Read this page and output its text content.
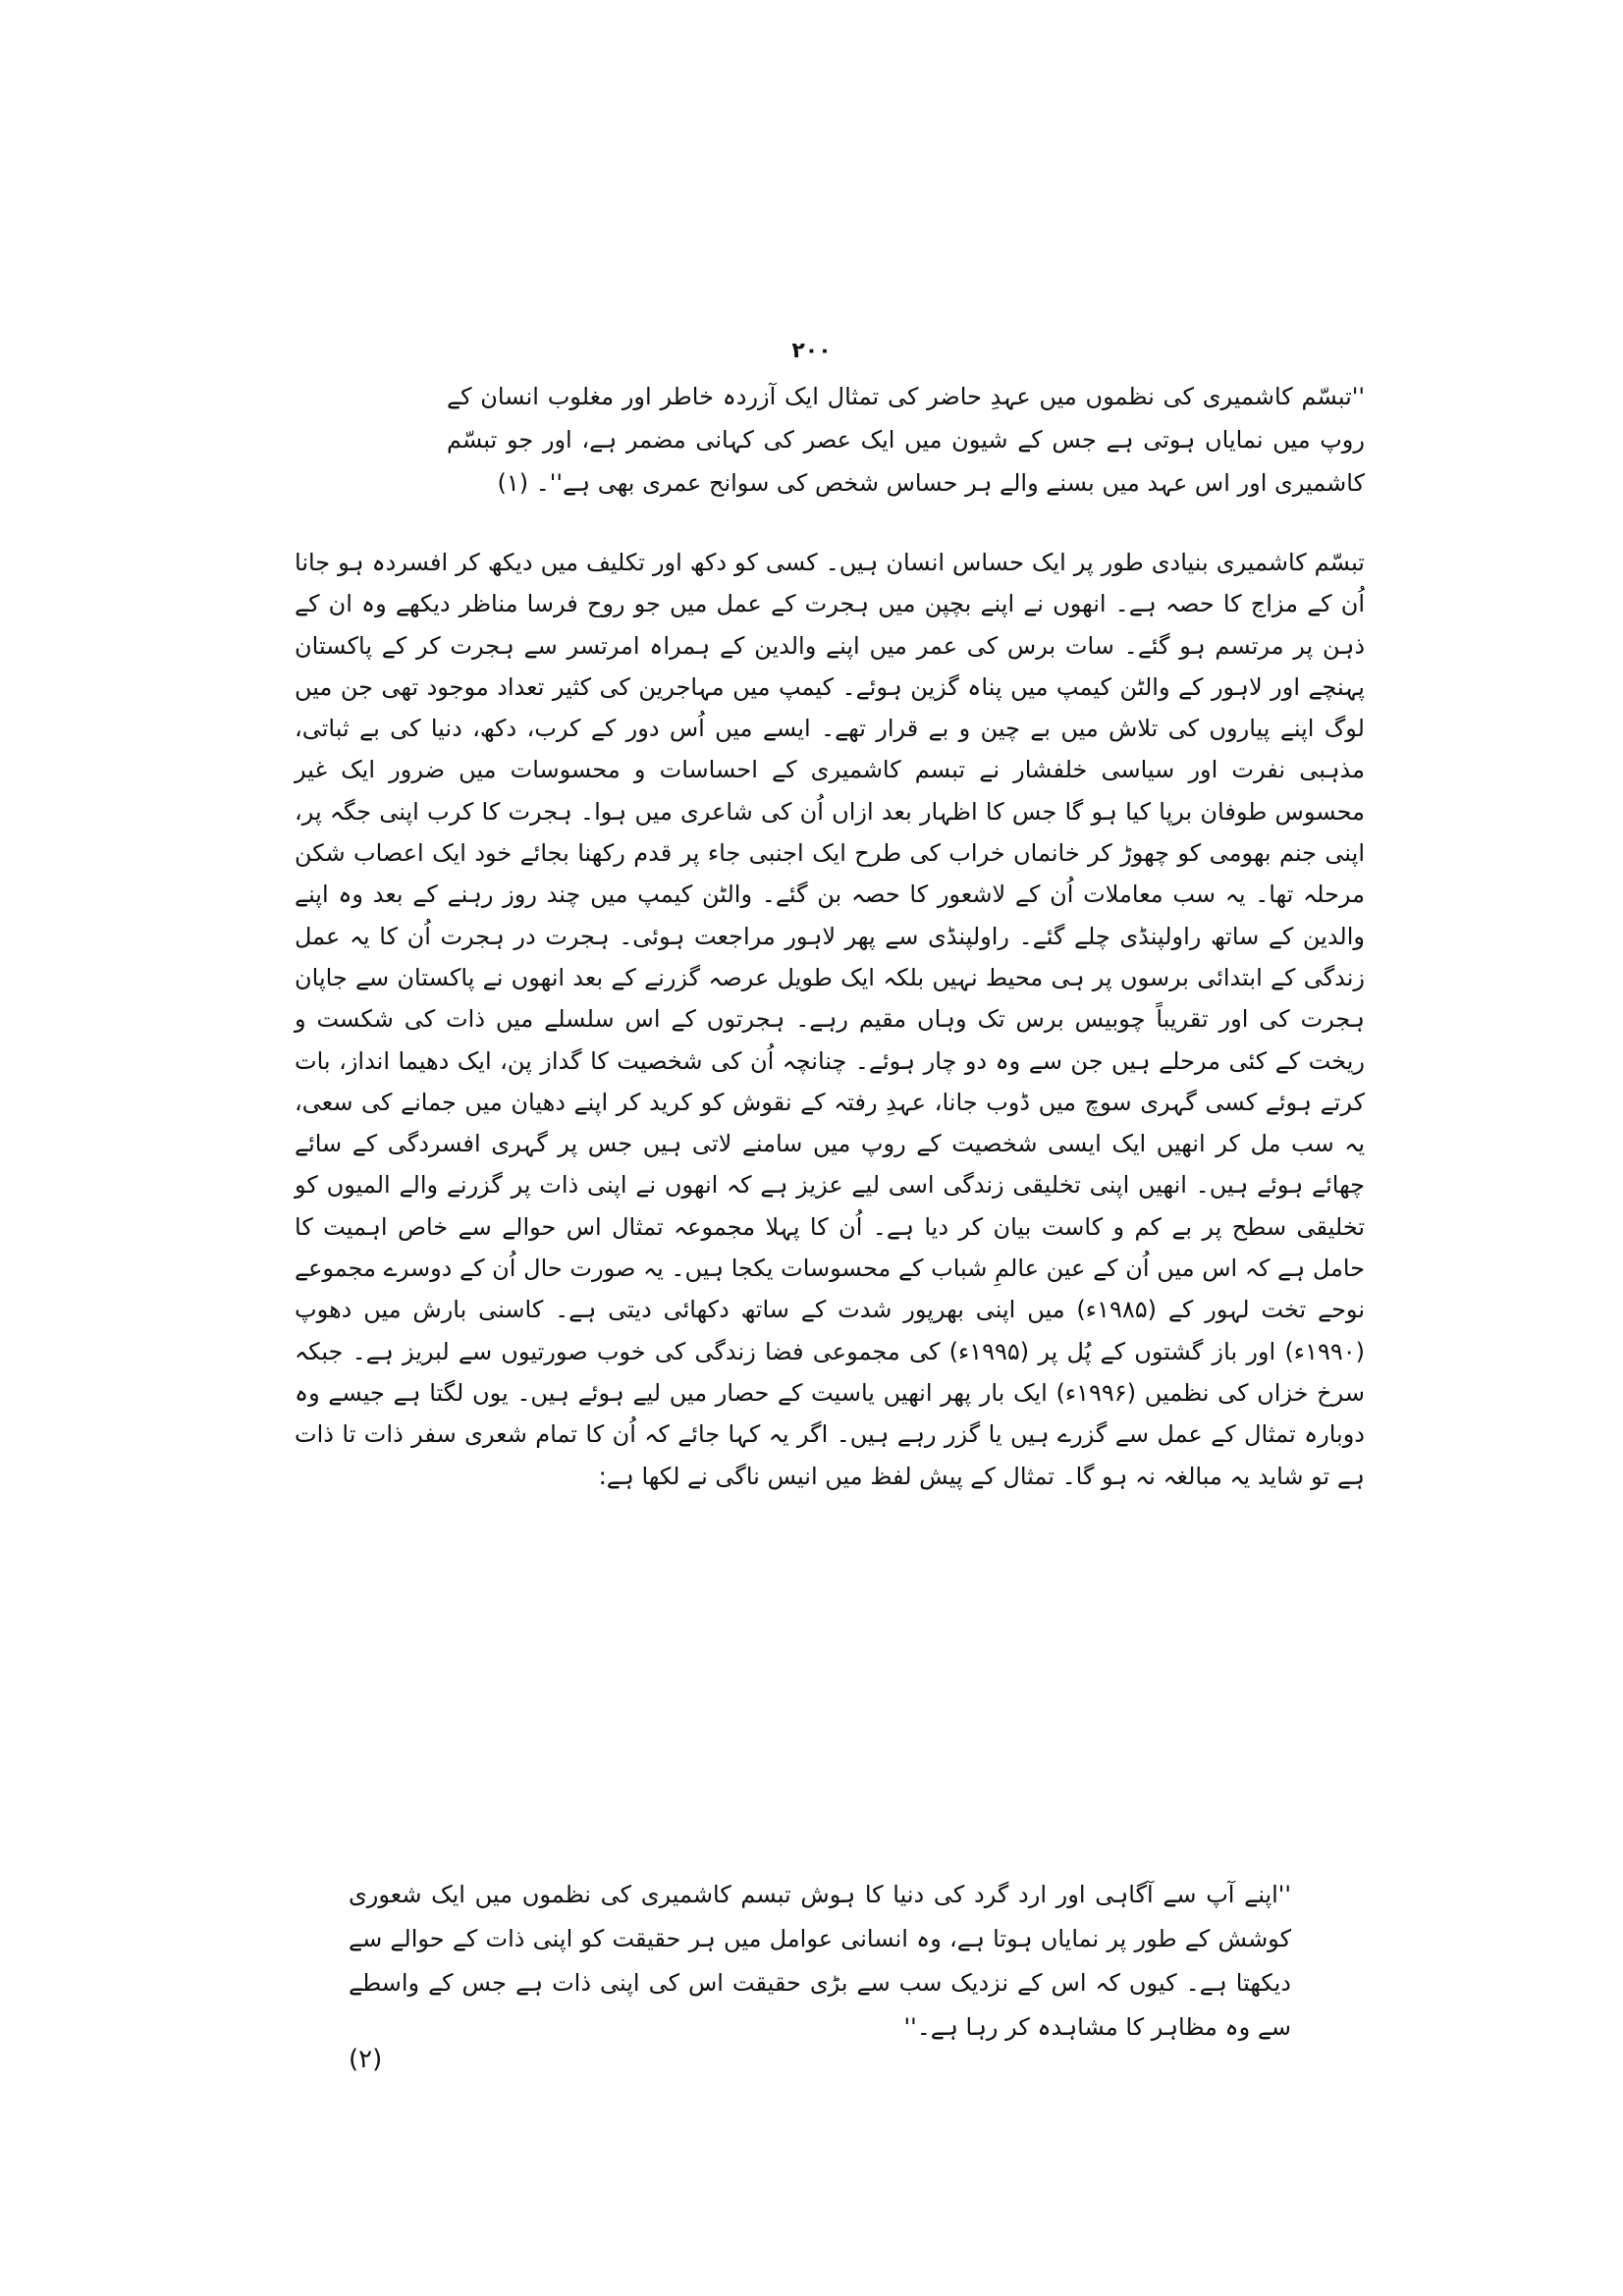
۲۰۰
''تبسّم کاشمیری کی نظموں میں عہدِ حاضر کی تمثال ایک آزردہ خاطر اور مغلوب انسان کے روپ میں نمایاں ہوتی ہے جس کے شیون میں ایک عصر کی کہانی مضمر ہے، اور جو تبسّم کاشمیری اور اس عہد میں بسنے والے ہر حساس شخص کی سوانح عمری بھی ہے''۔ (۱)
تبسّم کاشمیری بنیادی طور پر ایک حساس انسان ہیں۔ کسی کو دکھ اور تکلیف میں دیکھ کر افسردہ ہو جانا اُن کے مزاج کا حصہ ہے۔ انھوں نے اپنے بچپن میں ہجرت کے عمل میں جو روح فرسا مناظر دیکھے وہ ان کے ذہن پر مرتسم ہو گئے۔ سات برس کی عمر میں اپنے والدین کے ہمراہ امرتسر سے ہجرت کر کے پاکستان پہنچے اور لاہور کے والٹن کیمپ میں پناہ گزین ہوئے۔ کیمپ میں مہاجرین کی کثیر تعداد موجود تھی جن میں لوگ اپنے پیاروں کی تلاش میں بے چین و بے قرار تھے۔ ایسے میں اُس دور کے کرب، دکھ، دنیا کی بے ثباتی، مذہبی نفرت اور سیاسی خلفشار نے تبسم کاشمیری کے احساسات و محسوسات میں ضرور ایک غیر محسوس طوفان برپا کیا ہو گا جس کا اظہار بعد ازاں اُن کی شاعری میں ہوا۔ ہجرت کا کرب اپنی جگہ پر، اپنی جنم بھومی کو چھوڑ کر خانماں خراب کی طرح ایک اجنبی جاء پر قدم رکھنا بجائے خود ایک اعصاب شکن مرحلہ تھا۔ یہ سب معاملات اُن کے لاشعور کا حصہ بن گئے۔ والٹن کیمپ میں چند روز رہنے کے بعد وہ اپنے والدین کے ساتھ راولپنڈی چلے گئے۔ راولپنڈی سے پھر لاہور مراجعت ہوئی۔ ہجرت در ہجرت اُن کا یہ عمل زندگی کے ابتدائی برسوں پر ہی محیط نہیں بلکہ ایک طویل عرصہ گزرنے کے بعد انھوں نے پاکستان سے جاپان ہجرت کی اور تقریباً چوبیس برس تک وہاں مقیم رہے۔ ہجرتوں کے اس سلسلے میں ذات کی شکست و ریخت کے کئی مرحلے ہیں جن سے وہ دو چار ہوئے۔ چنانچہ اُن کی شخصیت کا گداز پن، ایک دھیما انداز، بات کرتے ہوئے کسی گہری سوچ میں ڈوب جانا، عہدِ رفتہ کے نقوش کو کرید کر اپنے دھیان میں جمانے کی سعی، یہ سب مل کر انھیں ایک ایسی شخصیت کے روپ میں سامنے لاتی ہیں جس پر گہری افسردگی کے سائے چھائے ہوئے ہیں۔ انھیں اپنی تخلیقی زندگی اسی لیے عزیز ہے کہ انھوں نے اپنی ذات پر گزرنے والے المیوں کو تخلیقی سطح پر بے کم و کاست بیان کر دیا ہے۔ اُن کا پہلا مجموعہ تمثال اس حوالے سے خاص اہمیت کا حامل ہے کہ اس میں اُن کے عین عالمِ شباب کے محسوسات یکجا ہیں۔ یہ صورت حال اُن کے دوسرے مجموعے نوحے تخت لہور کے (۱۹۸۵ء) میں اپنی بھرپور شدت کے ساتھ دکھائی دیتی ہے۔ کاسنی بارش میں دھوپ (۱۹۹۰ء) اور باز گشتوں کے پُل پر (۱۹۹۵ء) کی مجموعی فضا زندگی کی خوب صورتیوں سے لبریز ہے۔ جبکہ سرخ خزاں کی نظمیں (۱۹۹۶ء) ایک بار پھر انھیں یاسیت کے حصار میں لیے ہوئے ہیں۔ یوں لگتا ہے جیسے وہ دوبارہ تمثال کے عمل سے گزرے ہیں یا گزر رہے ہیں۔ اگر یہ کہا جائے کہ اُن کا تمام شعری سفر ذات تا ذات ہے تو شاید یہ مبالغہ نہ ہو گا۔ تمثال کے پیش لفظ میں انیس ناگی نے لکھا ہے:
''اپنے آپ سے آگاہی اور ارد گرد کی دنیا کا ہوش تبسم کاشمیری کی نظموں میں ایک شعوری کوشش کے طور پر نمایاں ہوتا ہے، وہ انسانی عوامل میں ہر حقیقت کو اپنی ذات کے حوالے سے دیکھتا ہے۔ کیوں کہ اس کے نزدیک سب سے بڑی حقیقت اس کی اپنی ذات ہے جس کے واسطے سے وہ مظاہر کا مشاہدہ کر رہا ہے۔''
(۲)
